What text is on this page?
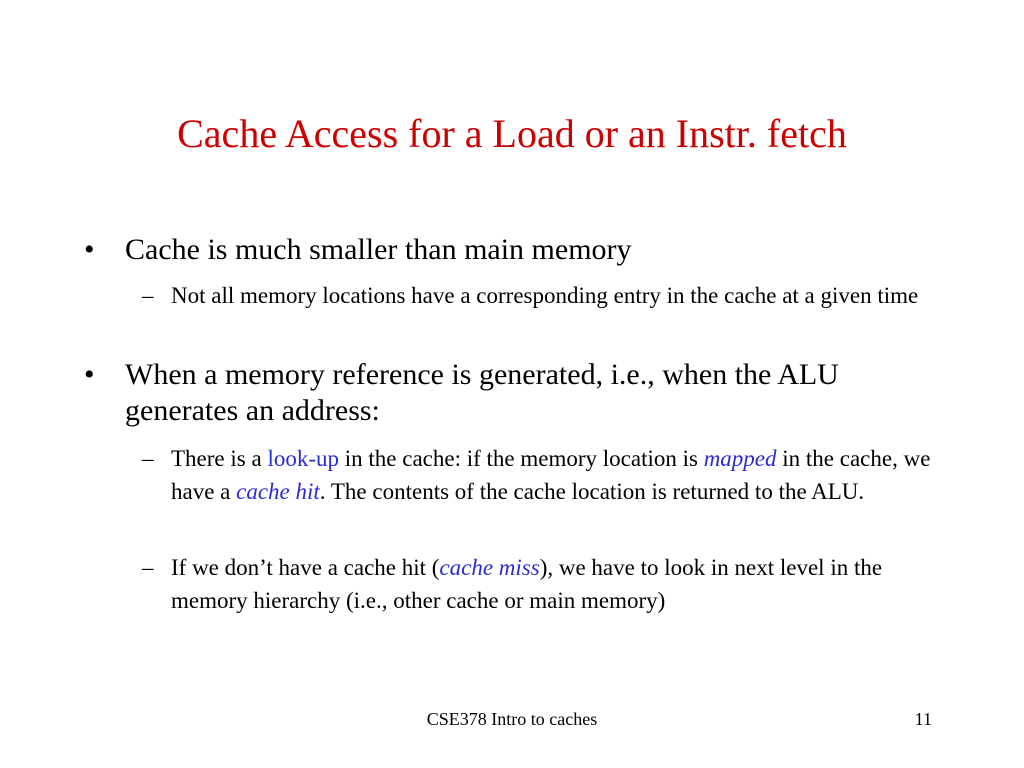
Cache Access for a Load or an Instr. fetch
•	Cache is much smaller than main memory
– Not all memory locations have a corresponding entry in the cache at a given time
•	When a memory reference is generated, i.e., when the ALU generates an address:
– There is a look-up in the cache: if the memory location is mapped in the cache, we have a cache hit. The contents of the cache location is returned to the ALU.
– If we don’t have a cache hit (cache miss), we have to look in next level in the memory hierarchy (i.e., other cache or main memory)
CSE378 Intro to caches	11
